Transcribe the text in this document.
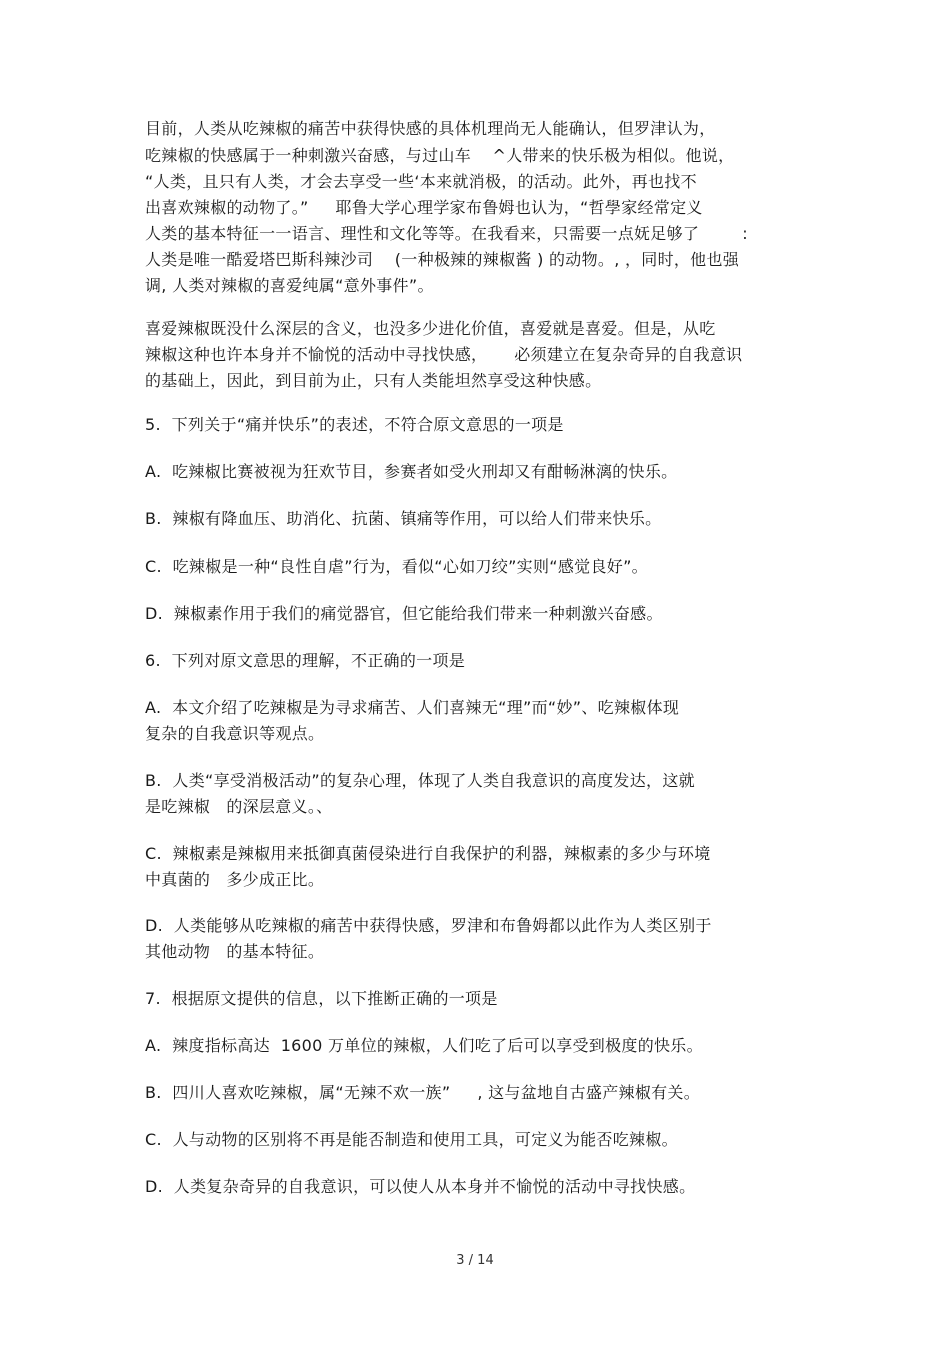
目前，人类从吃辣椒的痛苦中获得快感的具体机理尚无人能确认，但罗津认为，
吃辣椒的快感属于一种刺激兴奋感，与过山车    ^人带来的快乐极为相似。他说，
“人类，且只有人类，才会去享受一些‘本来就消极，的活动。此外，再也找不
出喜欢辣椒的动物了。”     耶鲁大学心理学家布鲁姆也认为，“哲學家经常定义
人类的基本特征一一语言、理性和文化等等。在我看来，只需要一点妩足够了        :
人类是唯一酷爱塔巴斯科辣沙司    (一种极辣的辣椒酱 ) 的动物。, ，同时，他也强
调, 人类对辣椒的喜爱纯属“意外事件”。
喜爱辣椒既没什么深层的含义，也没多少进化价值，喜爱就是喜爱。但是，从吃
辣椒这种也许本身并不愉悦的活动中寻找快感，     必须建立在复杂奇异的自我意识
的基础上，因此，到目前为止，只有人类能坦然享受这种快感。
5.  下列关于“痛并快乐”的表述，不符合原文意思的一项是
A.  吃辣椒比赛被视为狂欢节目，参赛者如受火刑却又有酣畅淋漓的快乐。
B.  辣椒有降血压、助消化、抗菌、镇痛等作用，可以给人们带来快乐。
C.  吃辣椒是一种“良性自虐”行为，看似“心如刀绞”实则“感觉良好”。
D.  辣椒素作用于我们的痛觉器官，但它能给我们带来一种刺激兴奋感。
6.  下列对原文意思的理解，不正确的一项是
A.  本文介绍了吃辣椒是为寻求痛苦、人们喜辣无“理”而“妙”、吃辣椒体现
复杂的自我意识等观点。
B.  人类“享受消极活动”的复杂心理，体现了人类自我意识的高度发达，这就
是吃辣椒   的深层意义。、
C.  辣椒素是辣椒用来抵御真菌侵染进行自我保护的利器，辣椒素的多少与环境
中真菌的   多少成正比。
D.  人类能够从吃辣椒的痛苦中获得快感，罗津和布鲁姆都以此作为人类区别于
其他动物   的基本特征。
7.  根据原文提供的信息，以下推断正确的一项是
A.  辣度指标高达  1600 万单位的辣椒，人们吃了后可以享受到极度的快乐。
B.  四川人喜欢吃辣椒，属“无辣不欢一族”     , 这与盆地自古盛产辣椒有关。
C.  人与动物的区别将不再是能否制造和使用工具，可定义为能否吃辣椒。
D.  人类复杂奇异的自我意识，可以使人从本身并不愉悦的活动中寻找快感。
3 / 14
